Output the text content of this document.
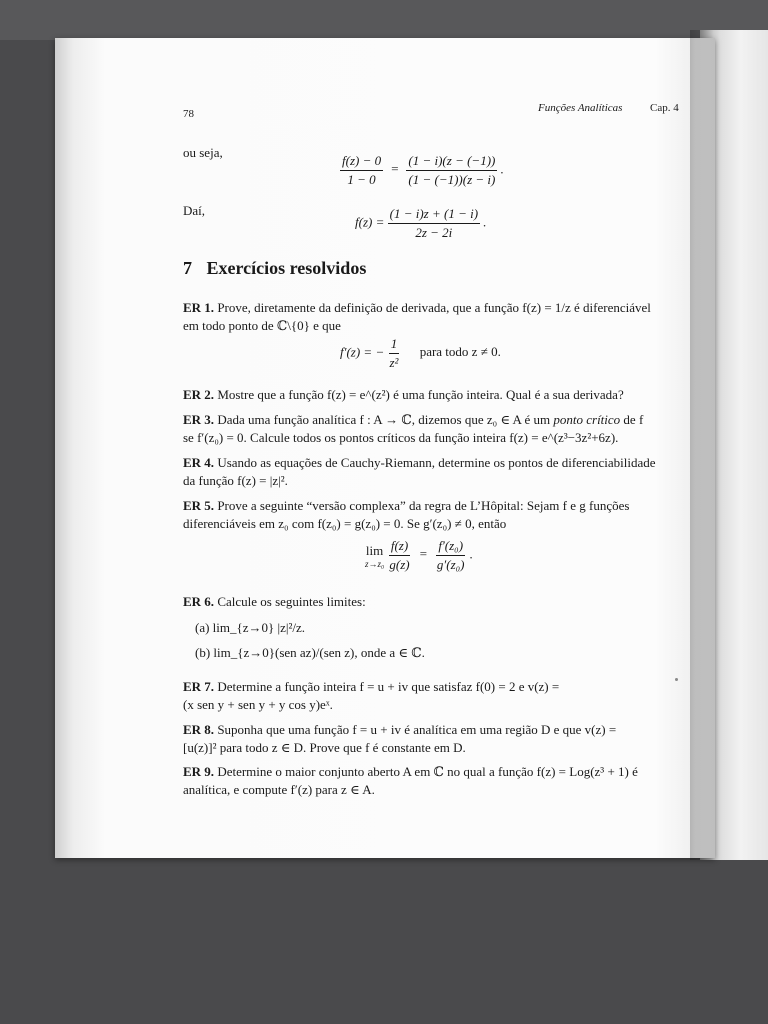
78	Funções Analíticas	Cap. 4
ou seja,
$\frac{f(z) - 0}{1 - 0} = \frac{(1 - i)(z - (-1))}{(1 - (-1))(z - i)}$ .
Daí,
$f(z) = \frac{(1 - i)z + (1 - i)}{2z - 2i}$ .
7 Exercícios resolvidos
ER 1. Prove, diretamente da definição de derivada, que a função f(z) = 1/z é diferenciável
em todo ponto de ℂ\{0} e que
f′(z) = − $\frac{1}{\text{z²}}$ para todo z ≠ 0.
ER 2. Mostre que a função f(z) = e^(z²) é uma função inteira. Qual é a sua derivada?
ER 3. Dada uma função analítica f : A → ℂ, dizemos que z₀ ∈ A é um ponto crítico de f
se f′(z₀) = 0. Calcule todos os pontos críticos da função inteira f(z) = e^(z³−3z²+6z).
ER 4. Usando as equações de Cauchy-Riemann, determine os pontos de diferenciabilidade
da função f(z) = |z|².
ER 5. Prove a seguinte “versão complexa” da regra de L’Hôpital: Sejam f e g funções
diferenciáveis em z₀ com f(z₀) = g(z₀) = 0. Se g′(z₀) ≠ 0, então
lim
z→z₀
$\frac{f(z)}{g(z)} = \frac{\text{f′(z₀)}}{\text{g′(z₀)}}$ .
ER 6. Calcule os seguintes limites:
(a) lim_{z→0} |z|²/z.
(b) lim_{z→0}(sen az)/(sen z), onde a ∈ ℂ.
ER 7. Determine a função inteira f = u + iv que satisfaz f(0) = 2 e v(z) =
(x sen y + sen y + y cos y)eˣ.
ER 8. Suponha que uma função f = u + iv é analítica em uma região D e que v(z) =
[u(z)]² para todo z ∈ D. Prove que f é constante em D.
ER 9. Determine o maior conjunto aberto A em ℂ no qual a função f(z) = Log(z³ + 1) é
analítica, e compute f′(z) para z ∈ A.
